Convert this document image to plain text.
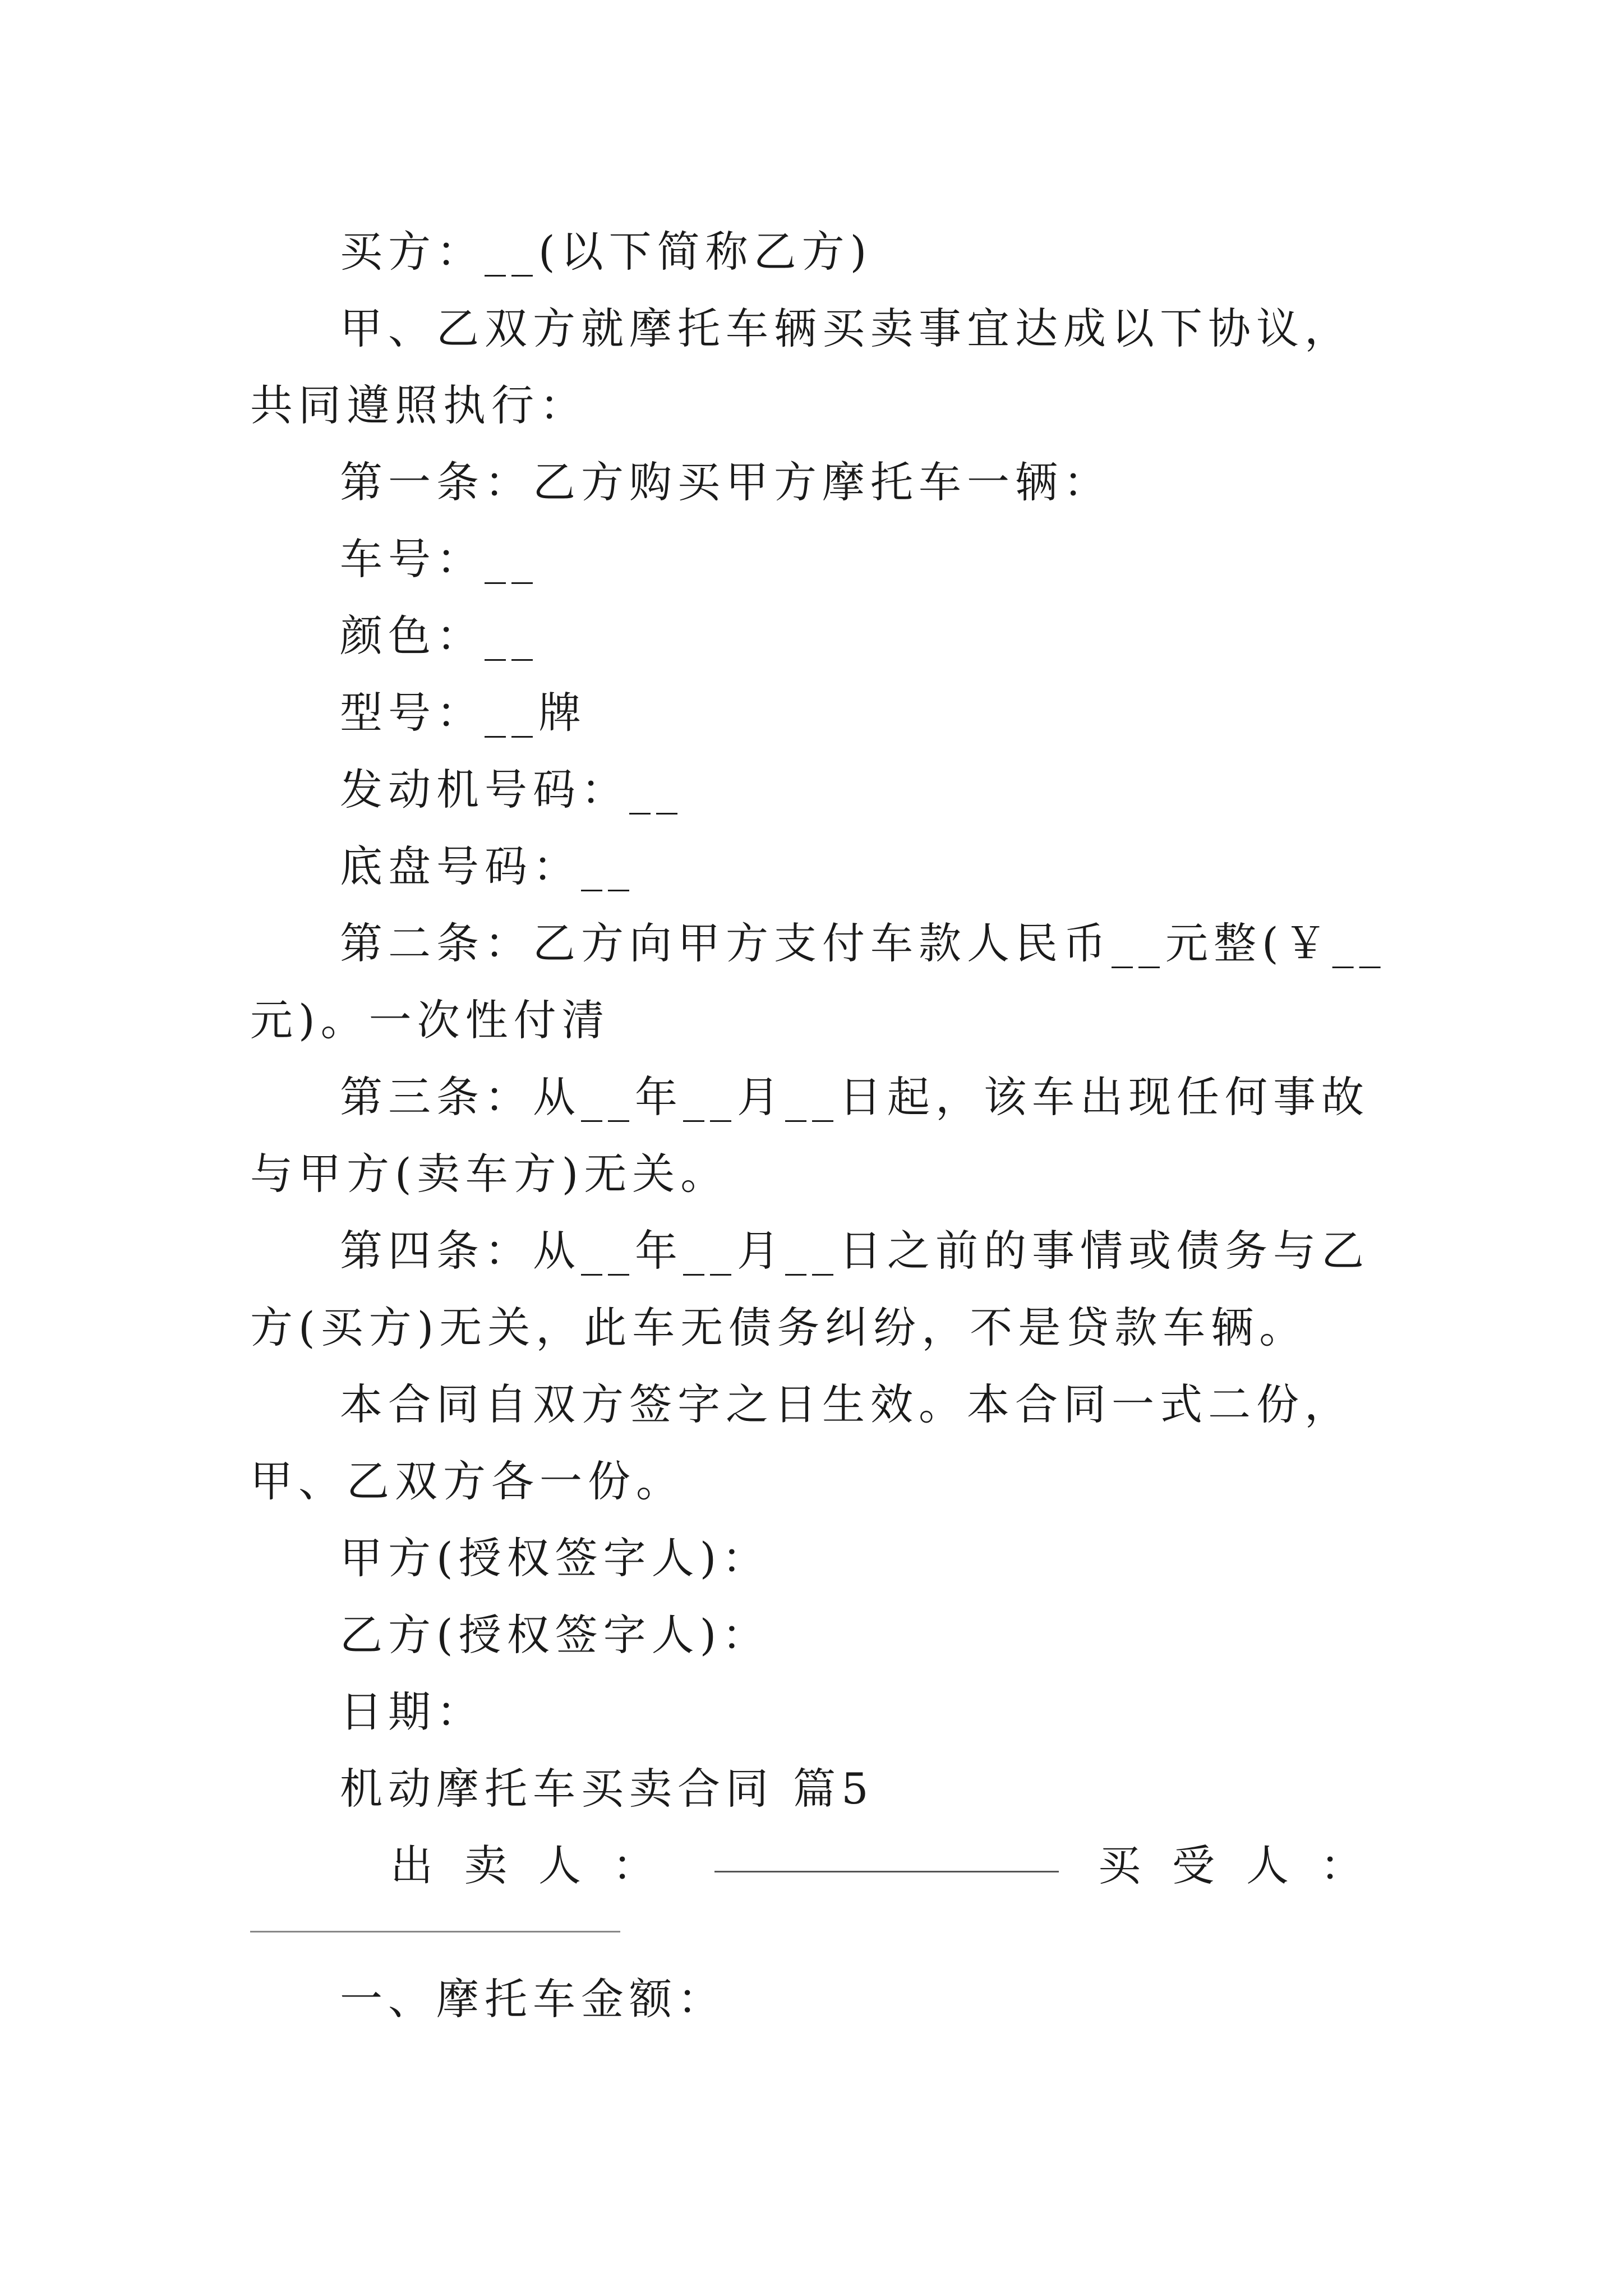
买方：__(以下简称乙方)

甲、乙双方就摩托车辆买卖事宜达成以下协议，共同遵照执行：

第一条：乙方购买甲方摩托车一辆：

车号：__

颜色：__

型号：__牌

发动机号码：__

底盘号码：__

第二条：乙方向甲方支付车款人民币__元整(￥__元)。一次性付清

第三条：从__年__月__日起，该车出现任何事故与甲方(卖车方)无关。

第四条：从__年__月__日之前的事情或债务与乙方(买方)无关，此车无债务纠纷，不是贷款车辆。

本合同自双方签字之日生效。本合同一式二份，甲、乙双方各一份。

甲方(授权签字人)：

乙方(授权签字人)：

日期：

机动摩托车买卖合同 篇5

出卖人：	买受人：

一、摩托车金额：
